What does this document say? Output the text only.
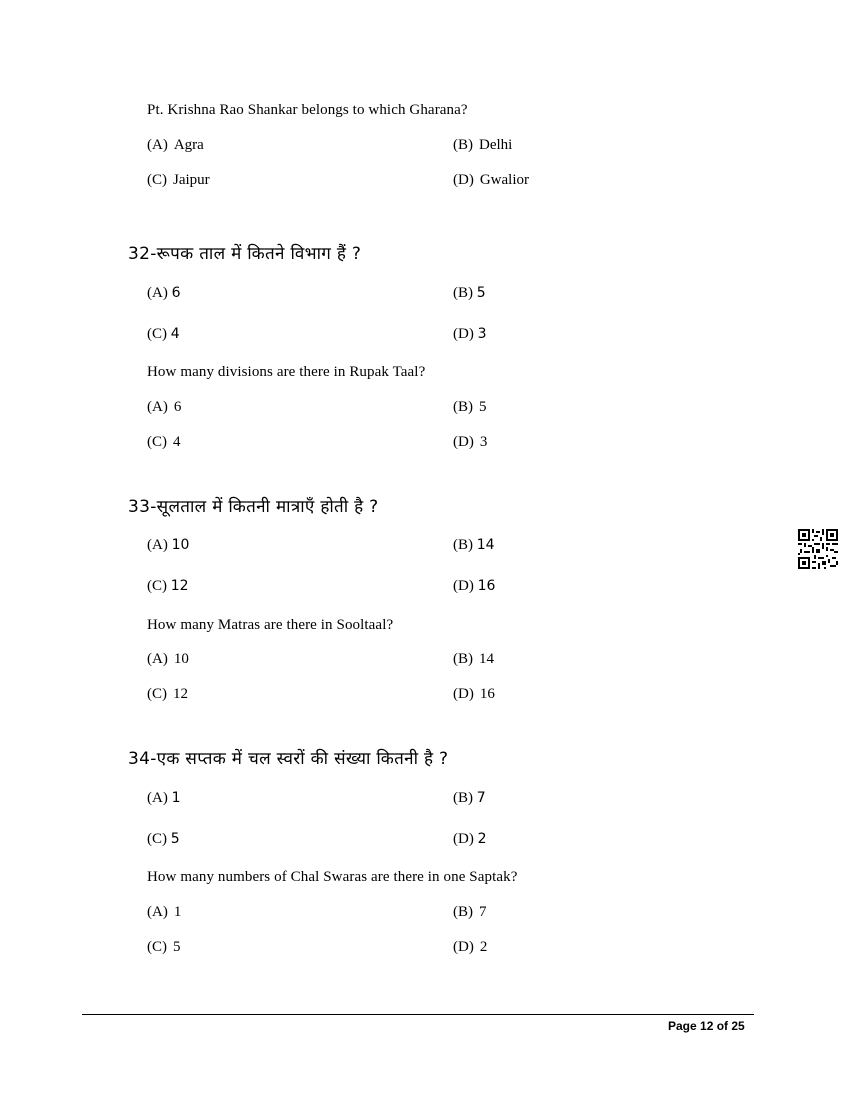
Pt. Krishna Rao Shankar belongs to which Gharana?
(A) Agra	(B) Delhi
(C) Jaipur	(D) Gwalior
32-रूपक ताल में कितने विभाग हैं ?
(A) 6	(B) 5
(C) 4	(D) 3
How many divisions are there in Rupak Taal?
(A) 6	(B) 5
(C) 4	(D) 3
33-सूलताल में कितनी मात्राएँ होती है ?
(A) 10	(B) 14
(C) 12	(D) 16
How many Matras are there in Sooltaal?
(A) 10	(B) 14
(C) 12	(D) 16
34-एक सप्तक में चल स्वरों की संख्या कितनी है ?
(A) 1	(B) 7
(C) 5	(D) 2
How many numbers of Chal Swaras are there in one Saptak?
(A) 1	(B) 7
(C) 5	(D) 2
Page 12 of 25
